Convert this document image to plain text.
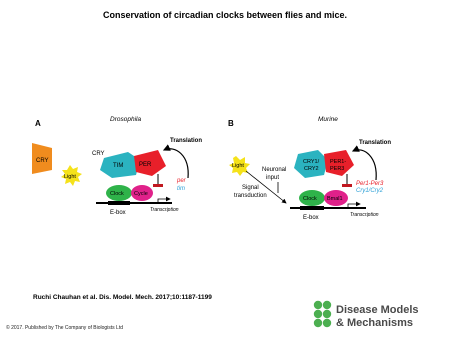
Conservation of circadian clocks between flies and mice.
A	Drosophila
CRY
Light
CRY
TIM	PER
Translation
per
tim
Clock Cycle
E-box	Transcription
B	Murine
Light
Neuronal input
Signal transduction
CRY1/ CRY2
PER1- PER3
Translation
Per1-Per3
Cry1/Cry2
Clock Bmal1
E-box	Transcription
Disease Models
& Mechanisms
Ruchi Chauhan et al. Dis. Model. Mech. 2017;10:1187-1199
© 2017. Published by The Company of Biologists Ltd
